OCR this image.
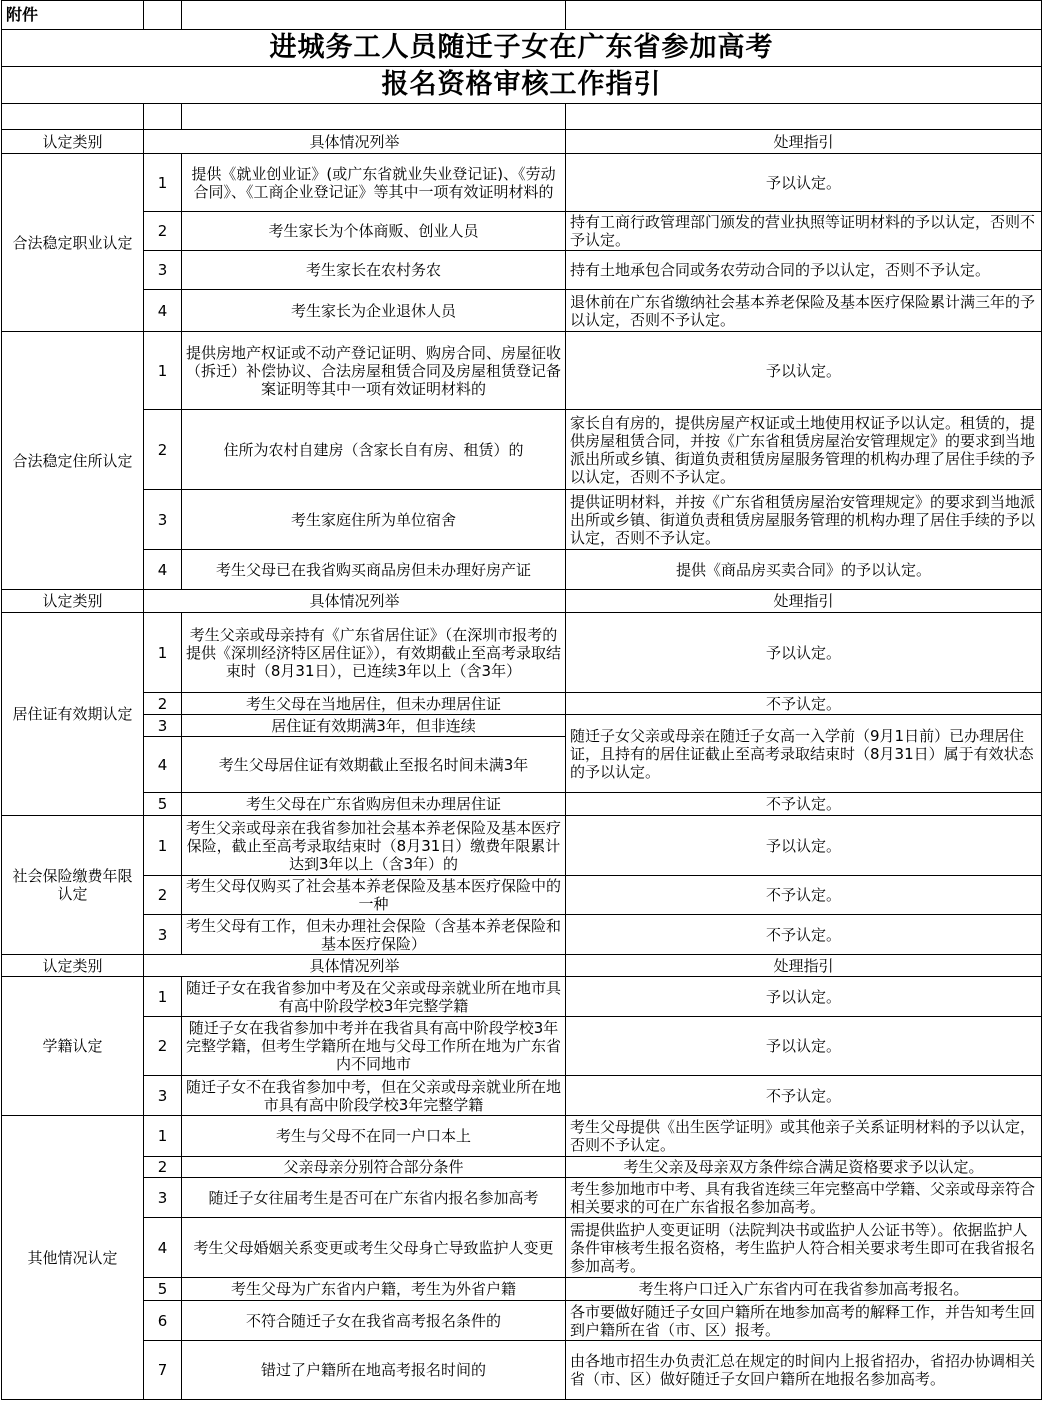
附件			
进城务工人员随迁子女在广东省参加高考			
报名资格审核工作指引			

认定类别	具体情况列举		处理指引
合法稳定职业认定	1	提供《就业创业证》(或广东省就业失业登记证)、《劳动合同》、《工商企业登记证》等其中一项有效证明材料的	予以认定。
	2	考生家长为个体商贩、创业人员	持有工商行政管理部门颁发的营业执照等证明材料的予以认定，否则不予认定。
	3	考生家长在农村务农	持有土地承包合同或务农劳动合同的予以认定，否则不予认定。
	4	考生家长为企业退休人员	退休前在广东省缴纳社会基本养老保险及基本医疗保险累计满三年的予以认定，否则不予认定。
合法稳定住所认定	1	提供房地产权证或不动产登记证明、购房合同、房屋征收（拆迁）补偿协议、合法房屋租赁合同及房屋租赁登记备案证明等其中一项有效证明材料的	予以认定。
	2	住所为农村自建房（含家长自有房、租赁）的	家长自有房的，提供房屋产权证或土地使用权证予以认定。租赁的，提供房屋租赁合同，并按《广东省租赁房屋治安管理规定》的要求到当地派出所或乡镇、街道负责租赁房屋服务管理的机构办理了居住手续的予以认定，否则不予认定。
	3	考生家庭住所为单位宿舍	提供证明材料，并按《广东省租赁房屋治安管理规定》的要求到当地派出所或乡镇、街道负责租赁房屋服务管理的机构办理了居住手续的予以认定，否则不予认定。
	4	考生父母已在我省购买商品房但未办理好房产证	提供《商品房买卖合同》的予以认定。
认定类别	具体情况列举		处理指引
居住证有效期认定	1	考生父亲或母亲持有《广东省居住证》（在深圳市报考的提供《深圳经济特区居住证》），有效期截止至高考录取结束时（8月31日），已连续3年以上（含3年）	予以认定。
	2	考生父母在当地居住，但未办理居住证	不予认定。
	3	居住证有效期满3年，但非连续	随迁子女父亲或母亲在随迁子女高一入学前（9月1日前）已办理居住证，且持有的居住证截止至高考录取结束时（8月31日）属于有效状态的予以认定。
	4	考生父母居住证有效期截止至报名时间未满3年	
	5	考生父母在广东省购房但未办理居住证	不予认定。
社会保险缴费年限认定	1	考生父亲或母亲在我省参加社会基本养老保险及基本医疗保险，截止至高考录取结束时（8月31日）缴费年限累计达到3年以上（含3年）的	予以认定。
	2	考生父母仅购买了社会基本养老保险及基本医疗保险中的一种	不予认定。
	3	考生父母有工作，但未办理社会保险（含基本养老保险和基本医疗保险）	不予认定。
认定类别	具体情况列举		处理指引
学籍认定	1	随迁子女在我省参加中考及在父亲或母亲就业所在地市具有高中阶段学校3年完整学籍	予以认定。
	2	随迁子女在我省参加中考并在我省具有高中阶段学校3年完整学籍，但考生学籍所在地与父母工作所在地为广东省内不同地市	予以认定。
	3	随迁子女不在我省参加中考，但在父亲或母亲就业所在地市具有高中阶段学校3年完整学籍	不予认定。
其他情况认定	1	考生与父母不在同一户口本上	考生父母提供《出生医学证明》或其他亲子关系证明材料的予以认定，否则不予认定。
	2	父亲母亲分别符合部分条件	考生父亲及母亲双方条件综合满足资格要求予以认定。
	3	随迁子女往届考生是否可在广东省内报名参加高考	考生参加地市中考、具有我省连续三年完整高中学籍、父亲或母亲符合相关要求的可在广东省报名参加高考。
	4	考生父母婚姻关系变更或考生父母身亡导致监护人变更	需提供监护人变更证明（法院判决书或监护人公证书等）。依据监护人条件审核考生报名资格，考生监护人符合相关要求考生即可在我省报名参加高考。
	5	考生父母为广东省内户籍，考生为外省户籍	考生将户口迁入广东省内可在我省参加高考报名。
	6	不符合随迁子女在我省高考报名条件的	各市要做好随迁子女回户籍所在地参加高考的解释工作，并告知考生回到户籍所在省（市、区）报考。
	7	错过了户籍所在地高考报名时间的	由各地市招生办负责汇总在规定的时间内上报省招办，省招办协调相关省（市、区）做好随迁子女回户籍所在地报名参加高考。
